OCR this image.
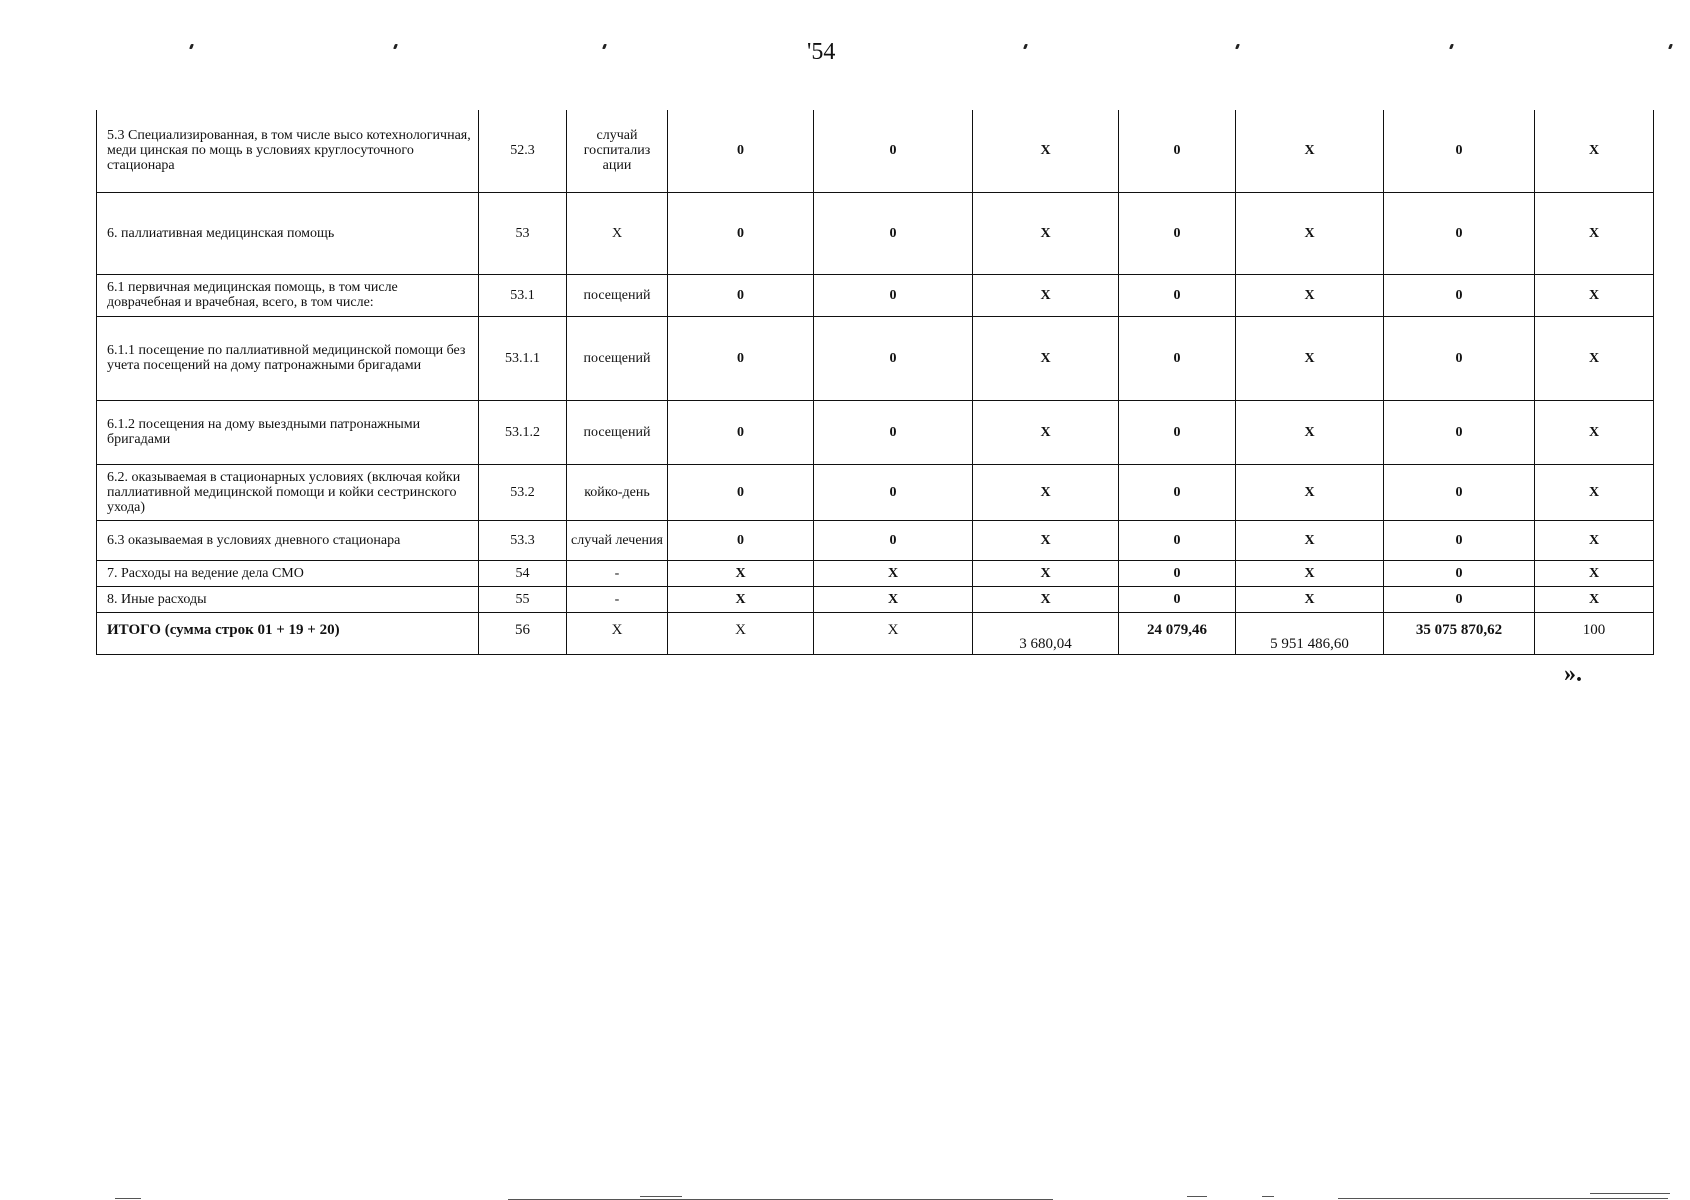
'54
5.3 Специализированная, в том числе высо котехнологичная, меди цинская по мощь в условиях круглосуточного стационара	52.3	случай госпитализ ации	0	0	X	0	X	0	X
6. паллиативная медицинская помощь	53	X	0	0	X	0	X	0	X
6.1 первичная медицинская помощь, в том числе доврачебная и врачебная, всего, в том числе:	53.1	посещений	0	0	X	0	X	0	X
6.1.1 посещение по паллиативной медицинской помощи без учета посещений на дому патронажными бригадами	53.1.1	посещений	0	0	X	0	X	0	X
6.1.2 посещения на дому выездными патронажными бригадами	53.1.2	посещений	0	0	X	0	X	0	X
6.2. оказываемая в стационарных условиях (включая койки паллиативной медицинской помощи и койки сестринского ухода)	53.2	койко-день	0	0	X	0	X	0	X
6.3 оказываемая в условиях дневного стационара	53.3	случай лечения	0	0	X	0	X	0	X
7. Расходы на ведение дела СМО	54	-	X	X	X	0	X	0	X
8. Иные расходы	55	-	X	X	X	0	X	0	X
ИТОГО (сумма строк 01 + 19 + 20)	56	X	X	X	3 680,04	24 079,46	5 951 486,60	35 075 870,62	100
».
